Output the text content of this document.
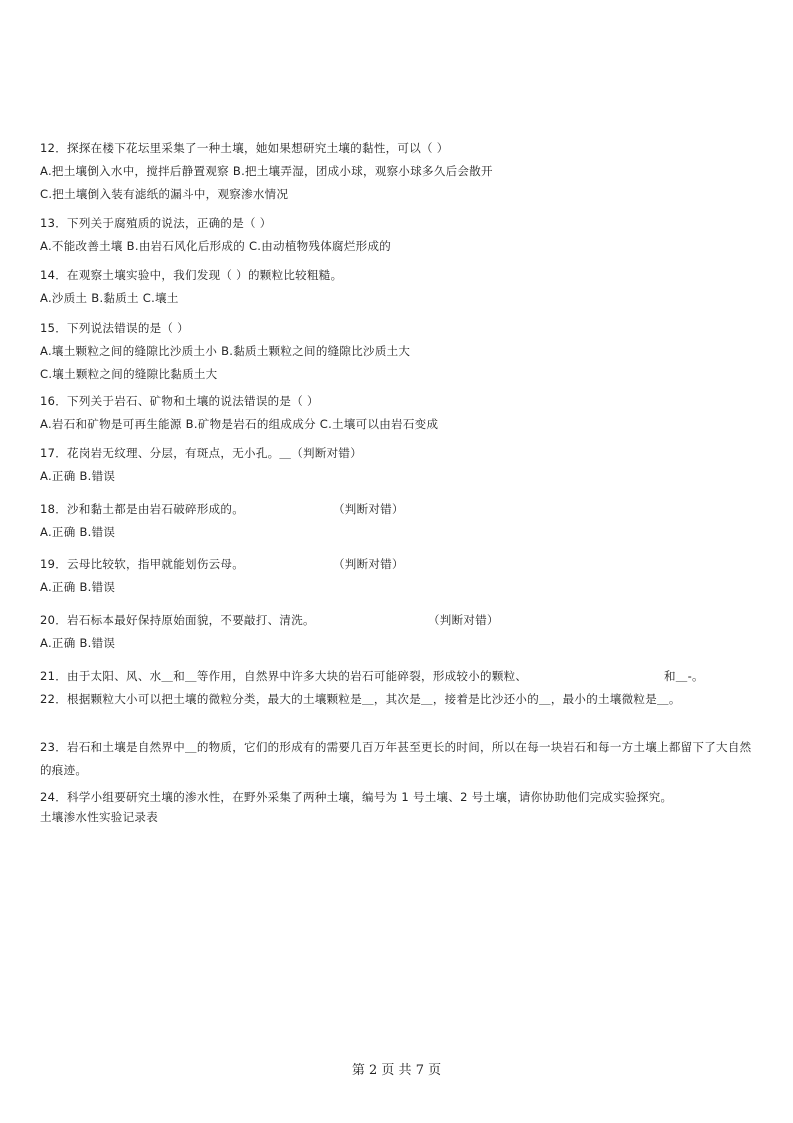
12．探探在楼下花坛里采集了一种土壤，她如果想研究土壤的黏性，可以（ ）
A.把土壤倒入水中，搅拌后静置观察 B.把土壤弄湿，团成小球，观察小球多久后会散开
C.把土壤倒入装有滤纸的漏斗中，观察渗水情况
13．下列关于腐殖质的说法，正确的是（ ）
A.不能改善土壤 B.由岩石风化后形成的 C.由动植物残体腐烂形成的
14．在观察土壤实验中，我们发现（ ）的颗粒比较粗糙。
A.沙质土 B.黏质土 C.壤土
15．下列说法错误的是（ ）
A.壤土颗粒之间的缝隙比沙质土小 B.黏质土颗粒之间的缝隙比沙质土大
C.壤土颗粒之间的缝隙比黏质土大
16．下列关于岩石、矿物和土壤的说法错误的是（ ）
A.岩石和矿物是可再生能源 B.矿物是岩石的组成成分 C.土壤可以由岩石变成
17．花岗岩无纹理、分层，有斑点，无小孔。＿（判断对错）
A.正确 B.错误
18．沙和黏土都是由岩石破碎形成的。	（判断对错）
A.正确 B.错误
19．云母比较软，指甲就能划伤云母。	（判断对错）
A.正确 B.错误
20．岩石标本最好保持原始面貌，不要敲打、清洗。	（判断对错）
A.正确 B.错误
21．由于太阳、风、水＿和＿等作用，自然界中许多大块的岩石可能碎裂，形成较小的颗粒、	和＿-。
22．根据颗粒大小可以把土壤的微粒分类，最大的土壤颗粒是＿，其次是＿，接着是比沙还小的＿，最小的土壤微粒是＿。
23．岩石和土壤是自然界中＿的物质，它们的形成有的需要几百万年甚至更长的时间，所以在每一块岩石和每一方土壤上都留下了大自然的痕迹。
24．科学小组要研究土壤的渗水性，在野外采集了两种土壤，编号为 1 号土壤、2 号土壤，请你协助他们完成实验探究。
土壤渗水性实验记录表
第 2 页 共 7 页
